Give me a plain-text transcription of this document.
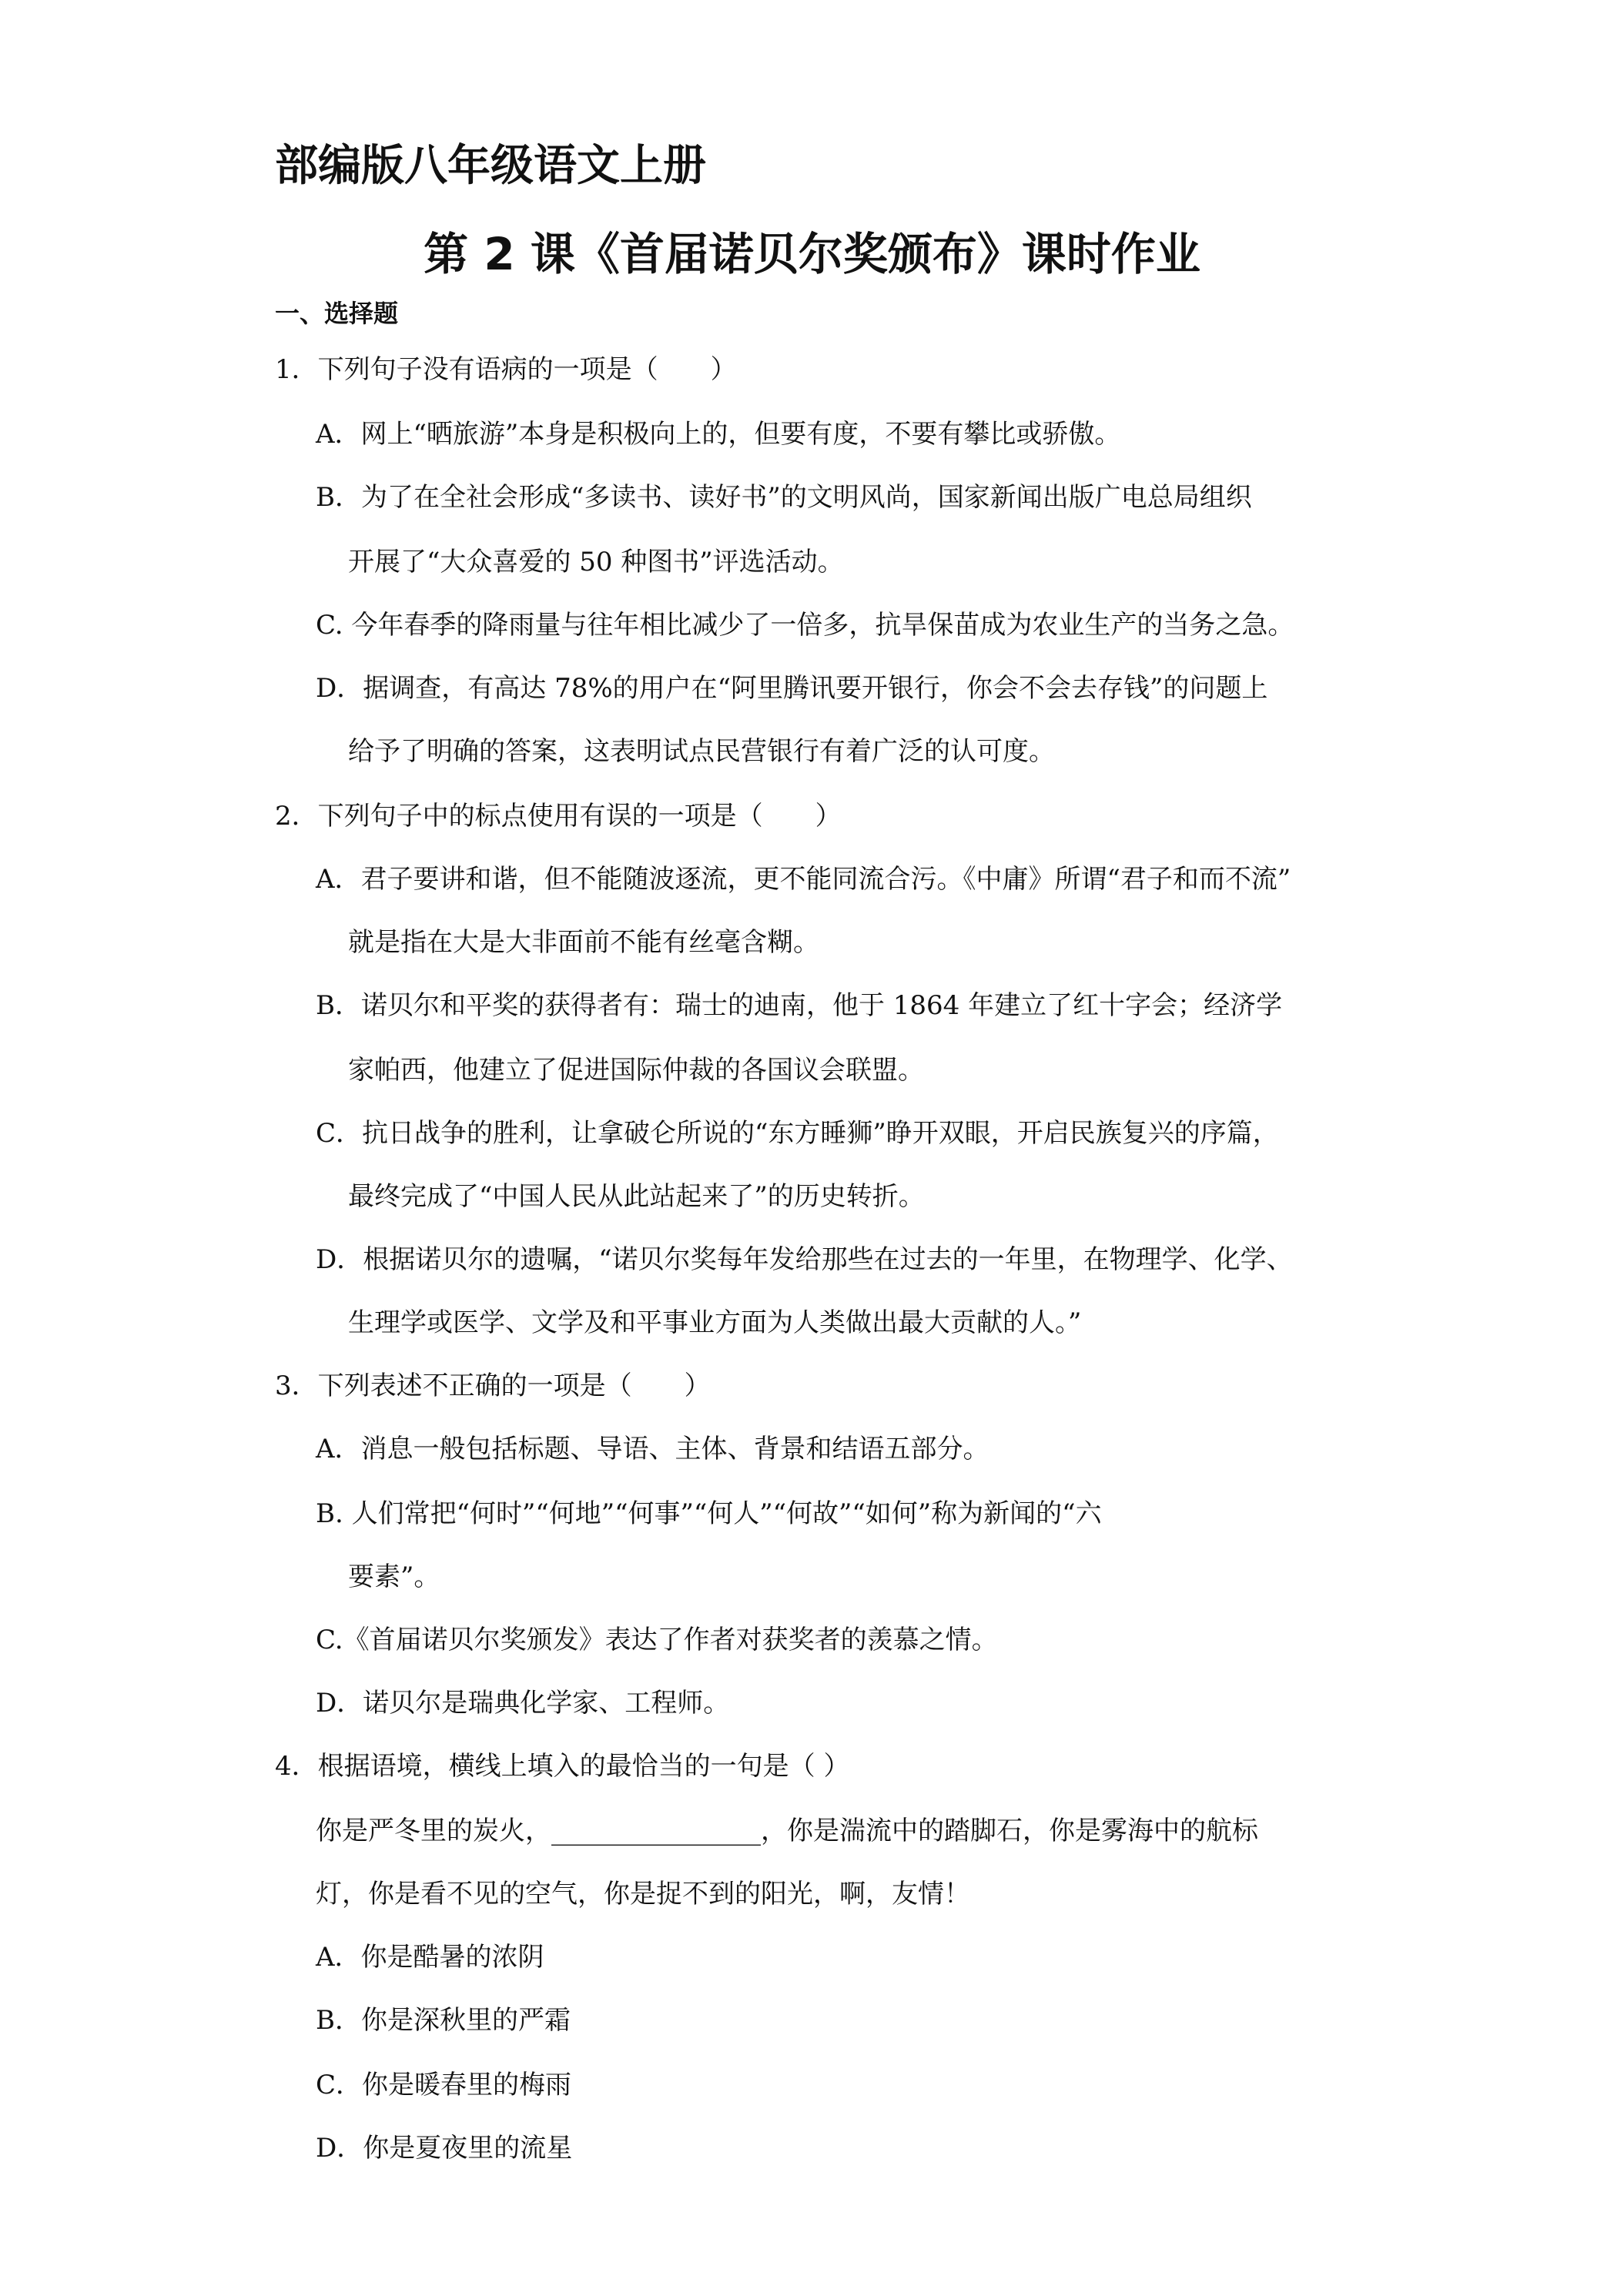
部编版八年级语文上册
第 2 课《首届诺贝尔奖颁布》课时作业
一、选择题

1．下列句子没有语病的一项是（　　）

A．网上“晒旅游”本身是积极向上的，但要有度，不要有攀比或骄傲。

B．为了在全社会形成“多读书、读好书”的文明风尚，国家新闻出版广电总局组织

开展了“大众喜爱的 50 种图书”评选活动。

C. 今年春季的降雨量与往年相比减少了一倍多，抗旱保苗成为农业生产的当务之急。

D．据调查，有高达 78%的用户在“阿里腾讯要开银行，你会不会去存钱”的问题上

给予了明确的答案，这表明试点民营银行有着广泛的认可度。

2．下列句子中的标点使用有误的一项是（　　）

A．君子要讲和谐，但不能随波逐流，更不能同流合污。《中庸》所谓“君子和而不流”

就是指在大是大非面前不能有丝毫含糊。

B．诺贝尔和平奖的获得者有：瑞士的迪南，他于 1864 年建立了红十字会；经济学

家帕西，他建立了促进国际仲裁的各国议会联盟。

C．抗日战争的胜利，让拿破仑所说的“东方睡狮”睁开双眼，开启民族复兴的序篇，

最终完成了“中国人民从此站起来了”的历史转折。

D．根据诺贝尔的遗嘱，“诺贝尔奖每年发给那些在过去的一年里，在物理学、化学、

生理学或医学、文学及和平事业方面为人类做出最大贡献的人。”

3．下列表述不正确的一项是（　　）

A．消息一般包括标题、导语、主体、背景和结语五部分。

B. 人们常把“何时”“何地”“何事”“何人”“何故”“如何”称为新闻的“六

要素”。

C.《首届诺贝尔奖颁发》表达了作者对获奖者的羡慕之情。

D．诺贝尔是瑞典化学家、工程师。

4．根据语境，横线上填入的最恰当的一句是（ ）

你是严冬里的炭火，________________，你是湍流中的踏脚石，你是雾海中的航标

灯，你是看不见的空气，你是捉不到的阳光，啊，友情！

A．你是酷暑的浓阴

B．你是深秋里的严霜

C．你是暖春里的梅雨

D．你是夏夜里的流星
